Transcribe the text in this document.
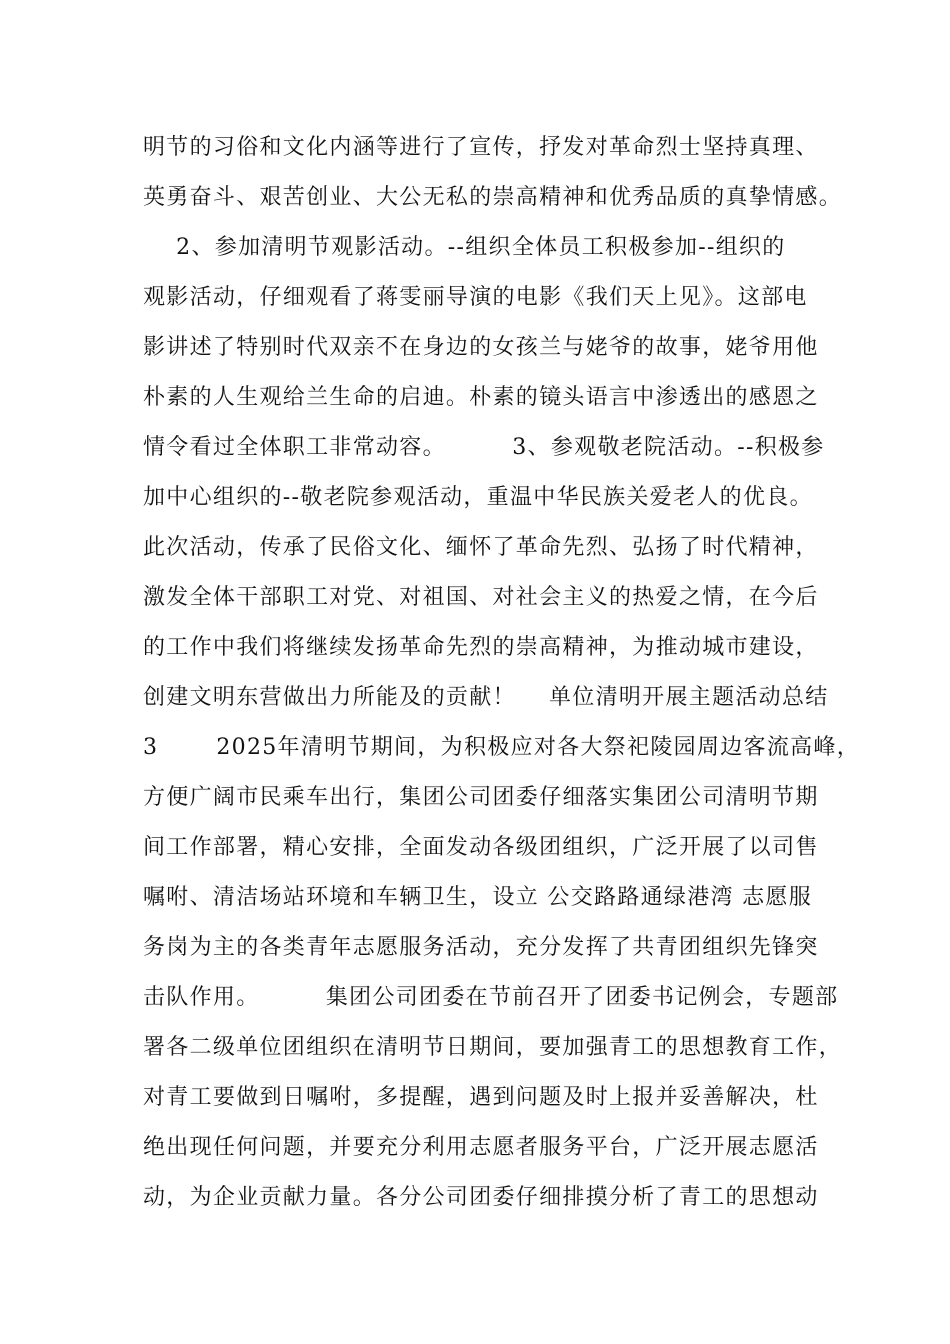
明节的习俗和文化内涵等进行了宣传，抒发对革命烈士坚持真理、
英勇奋斗、艰苦创业、大公无私的崇高精神和优秀品质的真挚情感。
2、参加清明节观影活动。--组织全体员工积极参加--组织的
观影活动，仔细观看了蒋雯丽导演的电影《我们天上见》。这部电
影讲述了特别时代双亲不在身边的女孩兰与姥爷的故事，姥爷用他
朴素的人生观给兰生命的启迪。朴素的镜头语言中渗透出的感恩之
情令看过全体职工非常动容。        3、参观敬老院活动。--积极参
加中心组织的--敬老院参观活动，重温中华民族关爱老人的优良。
此次活动，传承了民俗文化、缅怀了革命先烈、弘扬了时代精神，
激发全体干部职工对党、对祖国、对社会主义的热爱之情，在今后
的工作中我们将继续发扬革命先烈的崇高精神，为推动城市建设，
创建文明东营做出力所能及的贡献！    单位清明开展主题活动总结
3       2025年清明节期间，为积极应对各大祭祀陵园周边客流高峰，
方便广阔市民乘车出行，集团公司团委仔细落实集团公司清明节期
间工作部署，精心安排，全面发动各级团组织，广泛开展了以司售
嘱咐、清洁场站环境和车辆卫生，设立 公交路路通绿港湾 志愿服
务岗为主的各类青年志愿服务活动，充分发挥了共青团组织先锋突
击队作用。        集团公司团委在节前召开了团委书记例会，专题部
署各二级单位团组织在清明节日期间，要加强青工的思想教育工作，
对青工要做到日嘱咐，多提醒，遇到问题及时上报并妥善解决，杜
绝出现任何问题，并要充分利用志愿者服务平台，广泛开展志愿活
动，为企业贡献力量。各分公司团委仔细排摸分析了青工的思想动
